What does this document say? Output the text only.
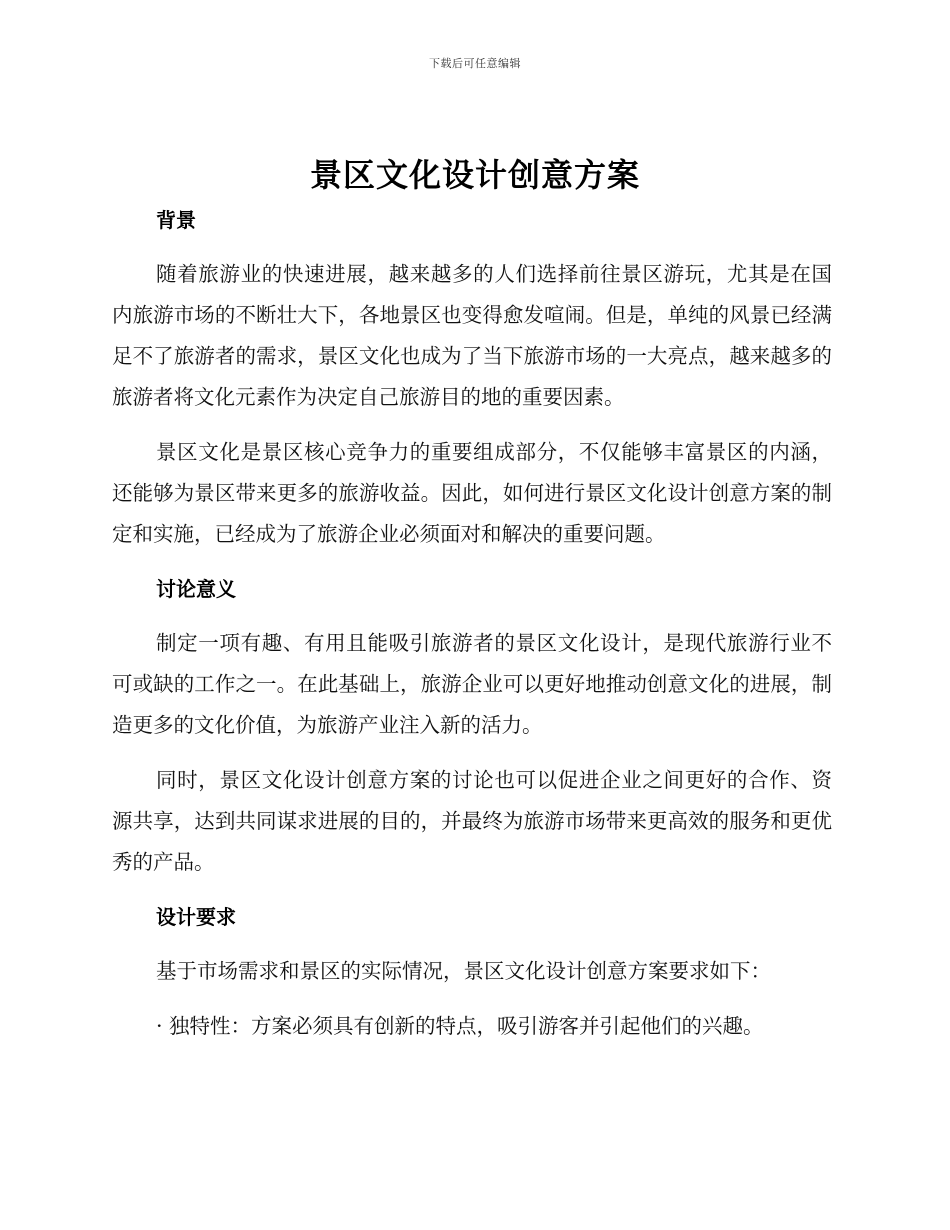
下载后可任意编辑
景区文化设计创意方案
背景

随着旅游业的快速进展，越来越多的人们选择前往景区游玩，尤其是在国内旅游市场的不断壮大下，各地景区也变得愈发喧闹。但是，单纯的风景已经满足不了旅游者的需求，景区文化也成为了当下旅游市场的一大亮点，越来越多的旅游者将文化元素作为决定自己旅游目的地的重要因素。

景区文化是景区核心竞争力的重要组成部分，不仅能够丰富景区的内涵，还能够为景区带来更多的旅游收益。因此，如何进行景区文化设计创意方案的制定和实施，已经成为了旅游企业必须面对和解决的重要问题。

讨论意义

制定一项有趣、有用且能吸引旅游者的景区文化设计，是现代旅游行业不可或缺的工作之一。在此基础上，旅游企业可以更好地推动创意文化的进展，制造更多的文化价值，为旅游产业注入新的活力。

同时，景区文化设计创意方案的讨论也可以促进企业之间更好的合作、资源共享，达到共同谋求进展的目的，并最终为旅游市场带来更高效的服务和更优秀的产品。

设计要求

基于市场需求和景区的实际情况，景区文化设计创意方案要求如下：

· 独特性：方案必须具有创新的特点，吸引游客并引起他们的兴趣。
